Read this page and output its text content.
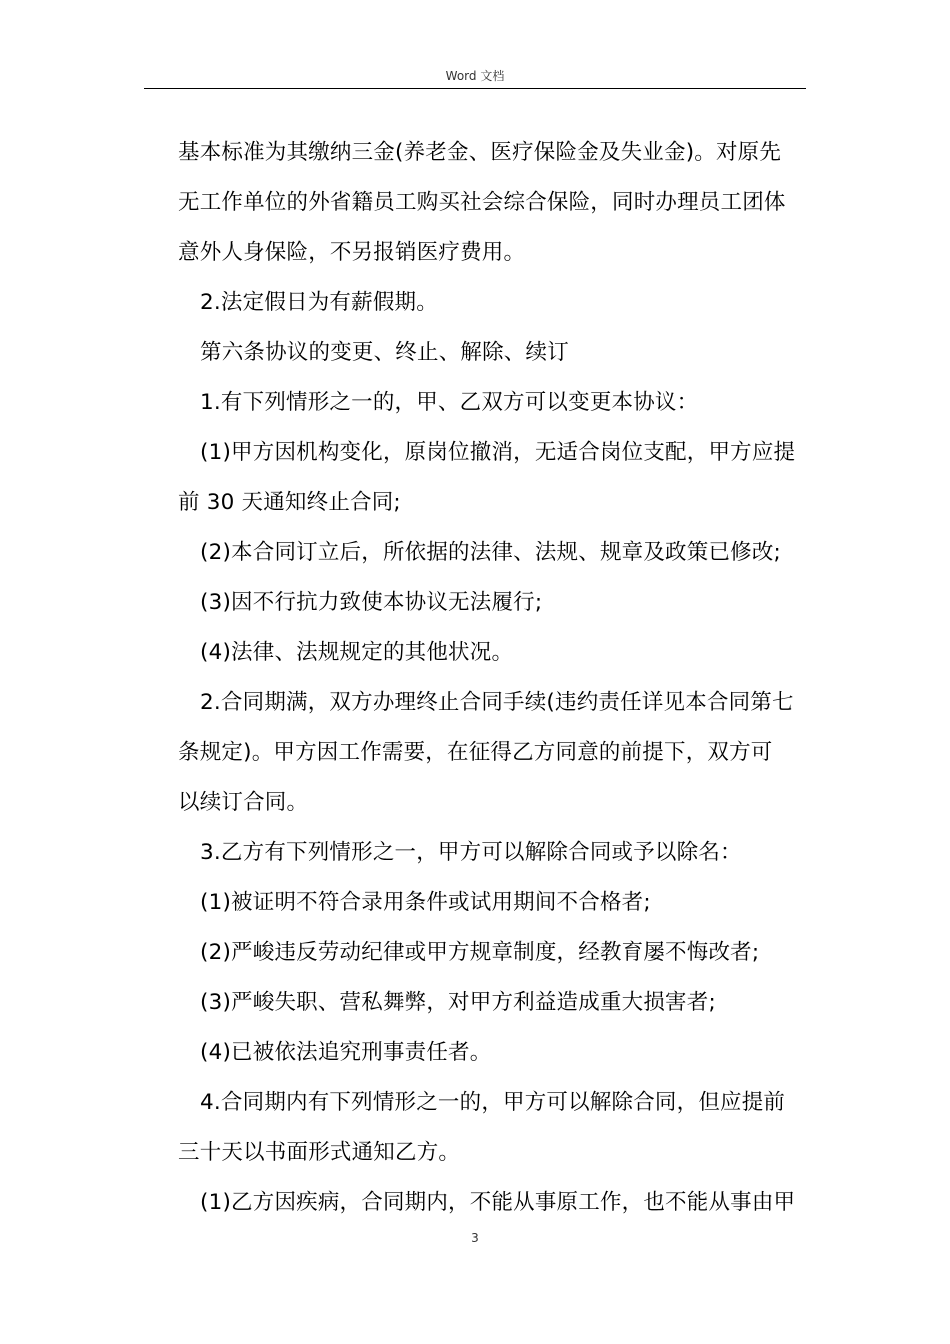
Word 文档
基本标准为其缴纳三金(养老金、医疗保险金及失业金)。对原先
无工作单位的外省籍员工购买社会综合保险，同时办理员工团体
意外人身保险，不另报销医疗费用。
2.法定假日为有薪假期。
第六条协议的变更、终止、解除、续订
1.有下列情形之一的，甲、乙双方可以变更本协议：
(1)甲方因机构变化，原岗位撤消，无适合岗位支配，甲方应提
前 30 天通知终止合同;
(2)本合同订立后，所依据的法律、法规、规章及政策已修改;
(3)因不行抗力致使本协议无法履行;
(4)法律、法规规定的其他状况。
2.合同期满，双方办理终止合同手续(违约责任详见本合同第七
条规定)。甲方因工作需要，在征得乙方同意的前提下，双方可
以续订合同。
3.乙方有下列情形之一，甲方可以解除合同或予以除名：
(1)被证明不符合录用条件或试用期间不合格者;
(2)严峻违反劳动纪律或甲方规章制度，经教育屡不悔改者;
(3)严峻失职、营私舞弊，对甲方利益造成重大损害者;
(4)已被依法追究刑事责任者。
4.合同期内有下列情形之一的，甲方可以解除合同，但应提前
三十天以书面形式通知乙方。
(1)乙方因疾病，合同期内，不能从事原工作，也不能从事由甲
3
